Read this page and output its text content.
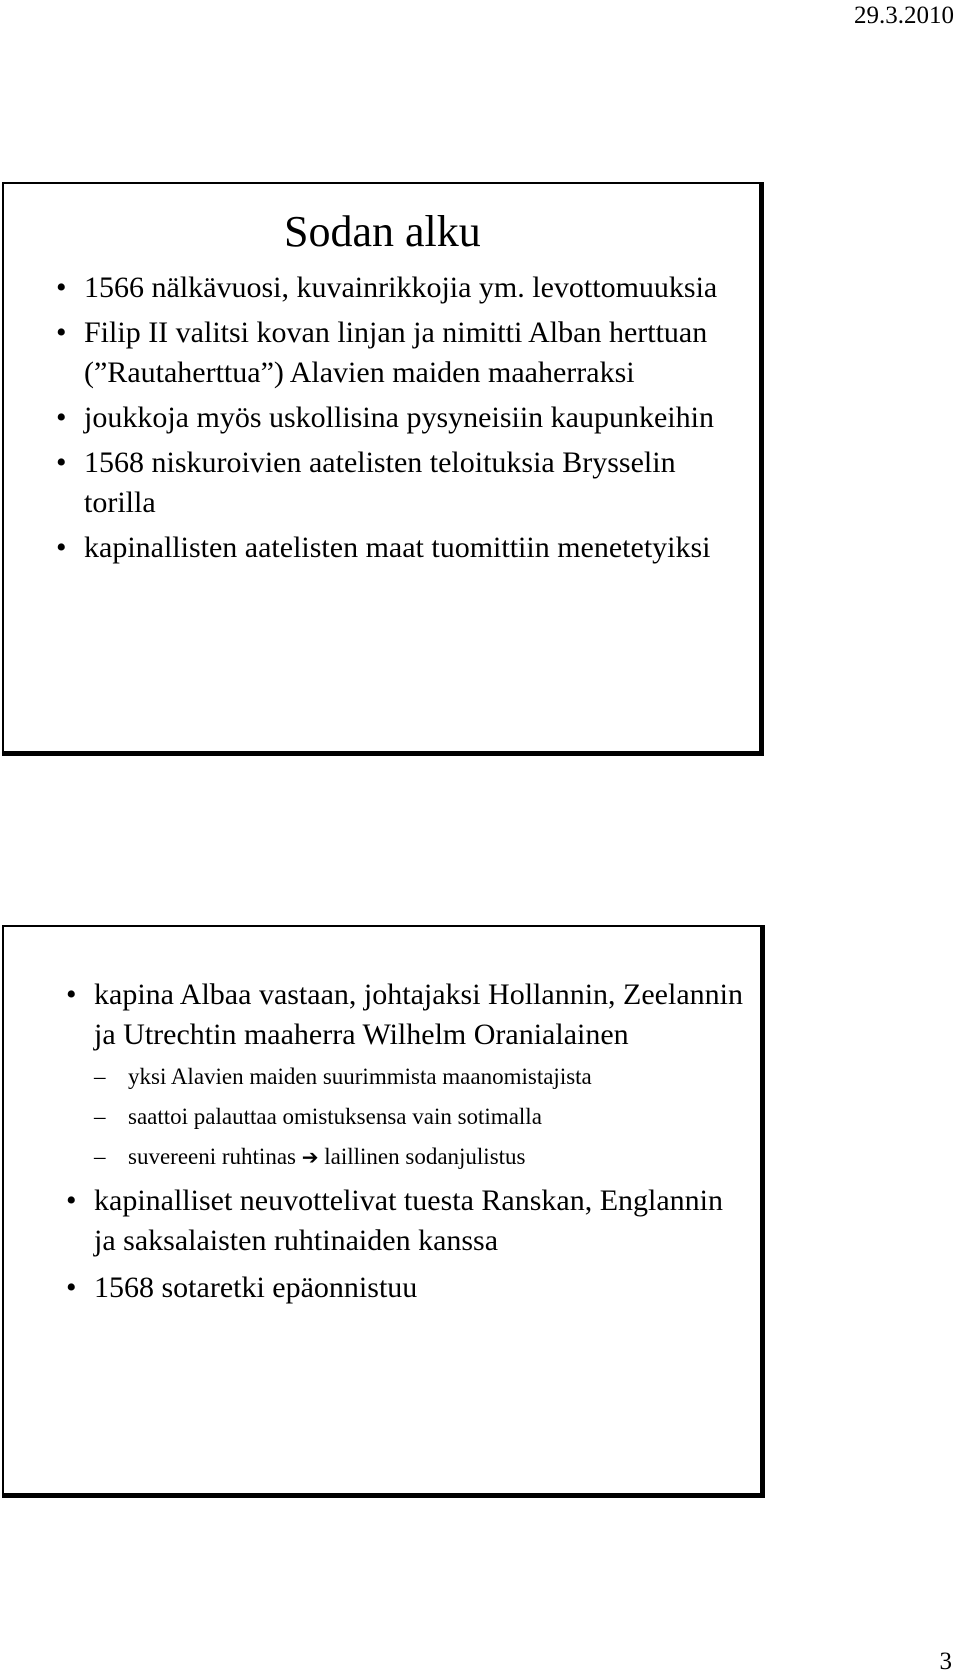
29.3.2010
Sodan alku
• 1566 nälkävuosi, kuvainrikkojia ym. levottomuuksia
• Filip II valitsi kovan linjan ja nimitti Alban herttuan (”Rautaherttua”) Alavien maiden maaherraksi
• joukkoja myös uskollisina pysyneisiin kaupunkeihin
• 1568 niskuroivien aatelisten teloituksia Brysselin torilla
• kapinallisten aatelisten maat tuomittiin menetetyiksi
• kapina Albaa vastaan, johtajaksi Hollannin, Zeelannin ja Utrechtin maaherra Wilhelm Oranialainen
– yksi Alavien maiden suurimmista maanomistajista
– saattoi palauttaa omistuksensa vain sotimalla
– suvereeni ruhtinas ➔ laillinen sodanjulistus
• kapinalliset neuvottelivat tuesta Ranskan, Englannin ja saksalaisten ruhtinaiden kanssa
• 1568 sotaretki epäonnistuu
3
